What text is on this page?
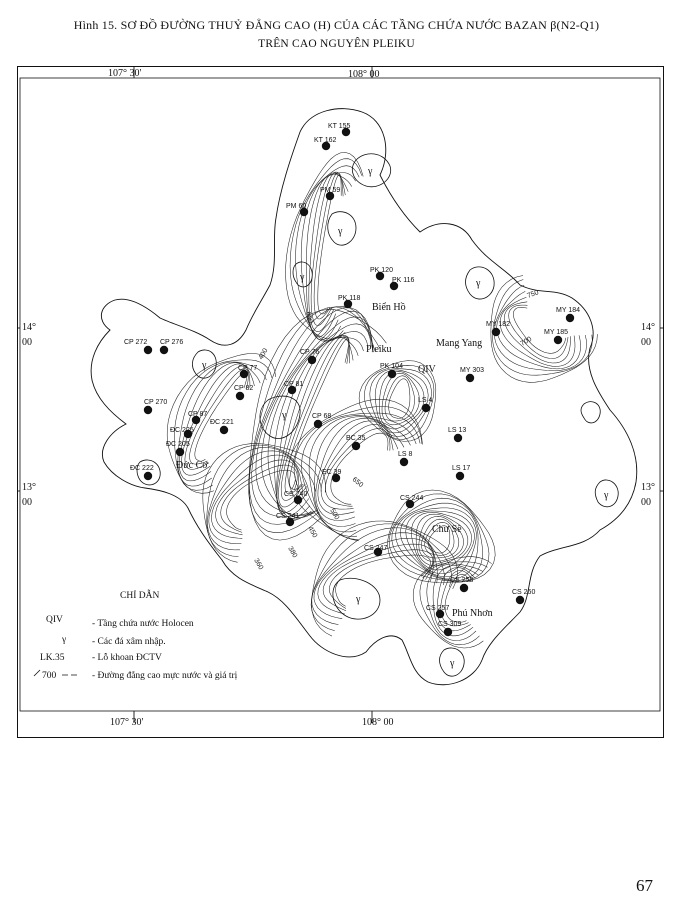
Hình 15. SƠ ĐỒ ĐƯỜNG THUỶ ĐẲNG CAO (H) CỦA CÁC TẦNG CHỨA NƯỚC BAZAN β(N2-Q1)
TRÊN CAO NGUYÊN PLEIKU
107° 30'	108° 00
107° 30'	108° 00
14°
00
14°
00
13°
00
13°
00
γ
γ
γ
γ
γ
γ
γ
γ
γ
QIV
Biển Hồ
Pleiku
Mang Yang
Đức Cơ
Chư Sê
Phú Nhơn
600
400
450
500
700
750
650
380
360
KT 155
KT 162
PM 59
PM 60
PK 120
PK 116
PK 118
PK 104
MY 184
MY 182
MY 185
MY 303
CP 272 CP 276
CP 270
CP 77
CP 76
CP 81
CP 82
CP 87	CP 68
ĐC 225
ĐC 221
ĐC 205
ĐC 222
BC 35
LS 4
LS 13
LS 8
LS 17
EC 39
CS 240
CS 241
CS 244
CS 247
CS 258
CS 257
CS 260
CS 309
CHỈ DẪN
QIV	- Tầng chứa nước Holocen
γ	- Các đá xâm nhập.
LK.35	- Lỗ khoan ĐCTV
700	- Đường đẳng cao mực nước và giá trị
67
